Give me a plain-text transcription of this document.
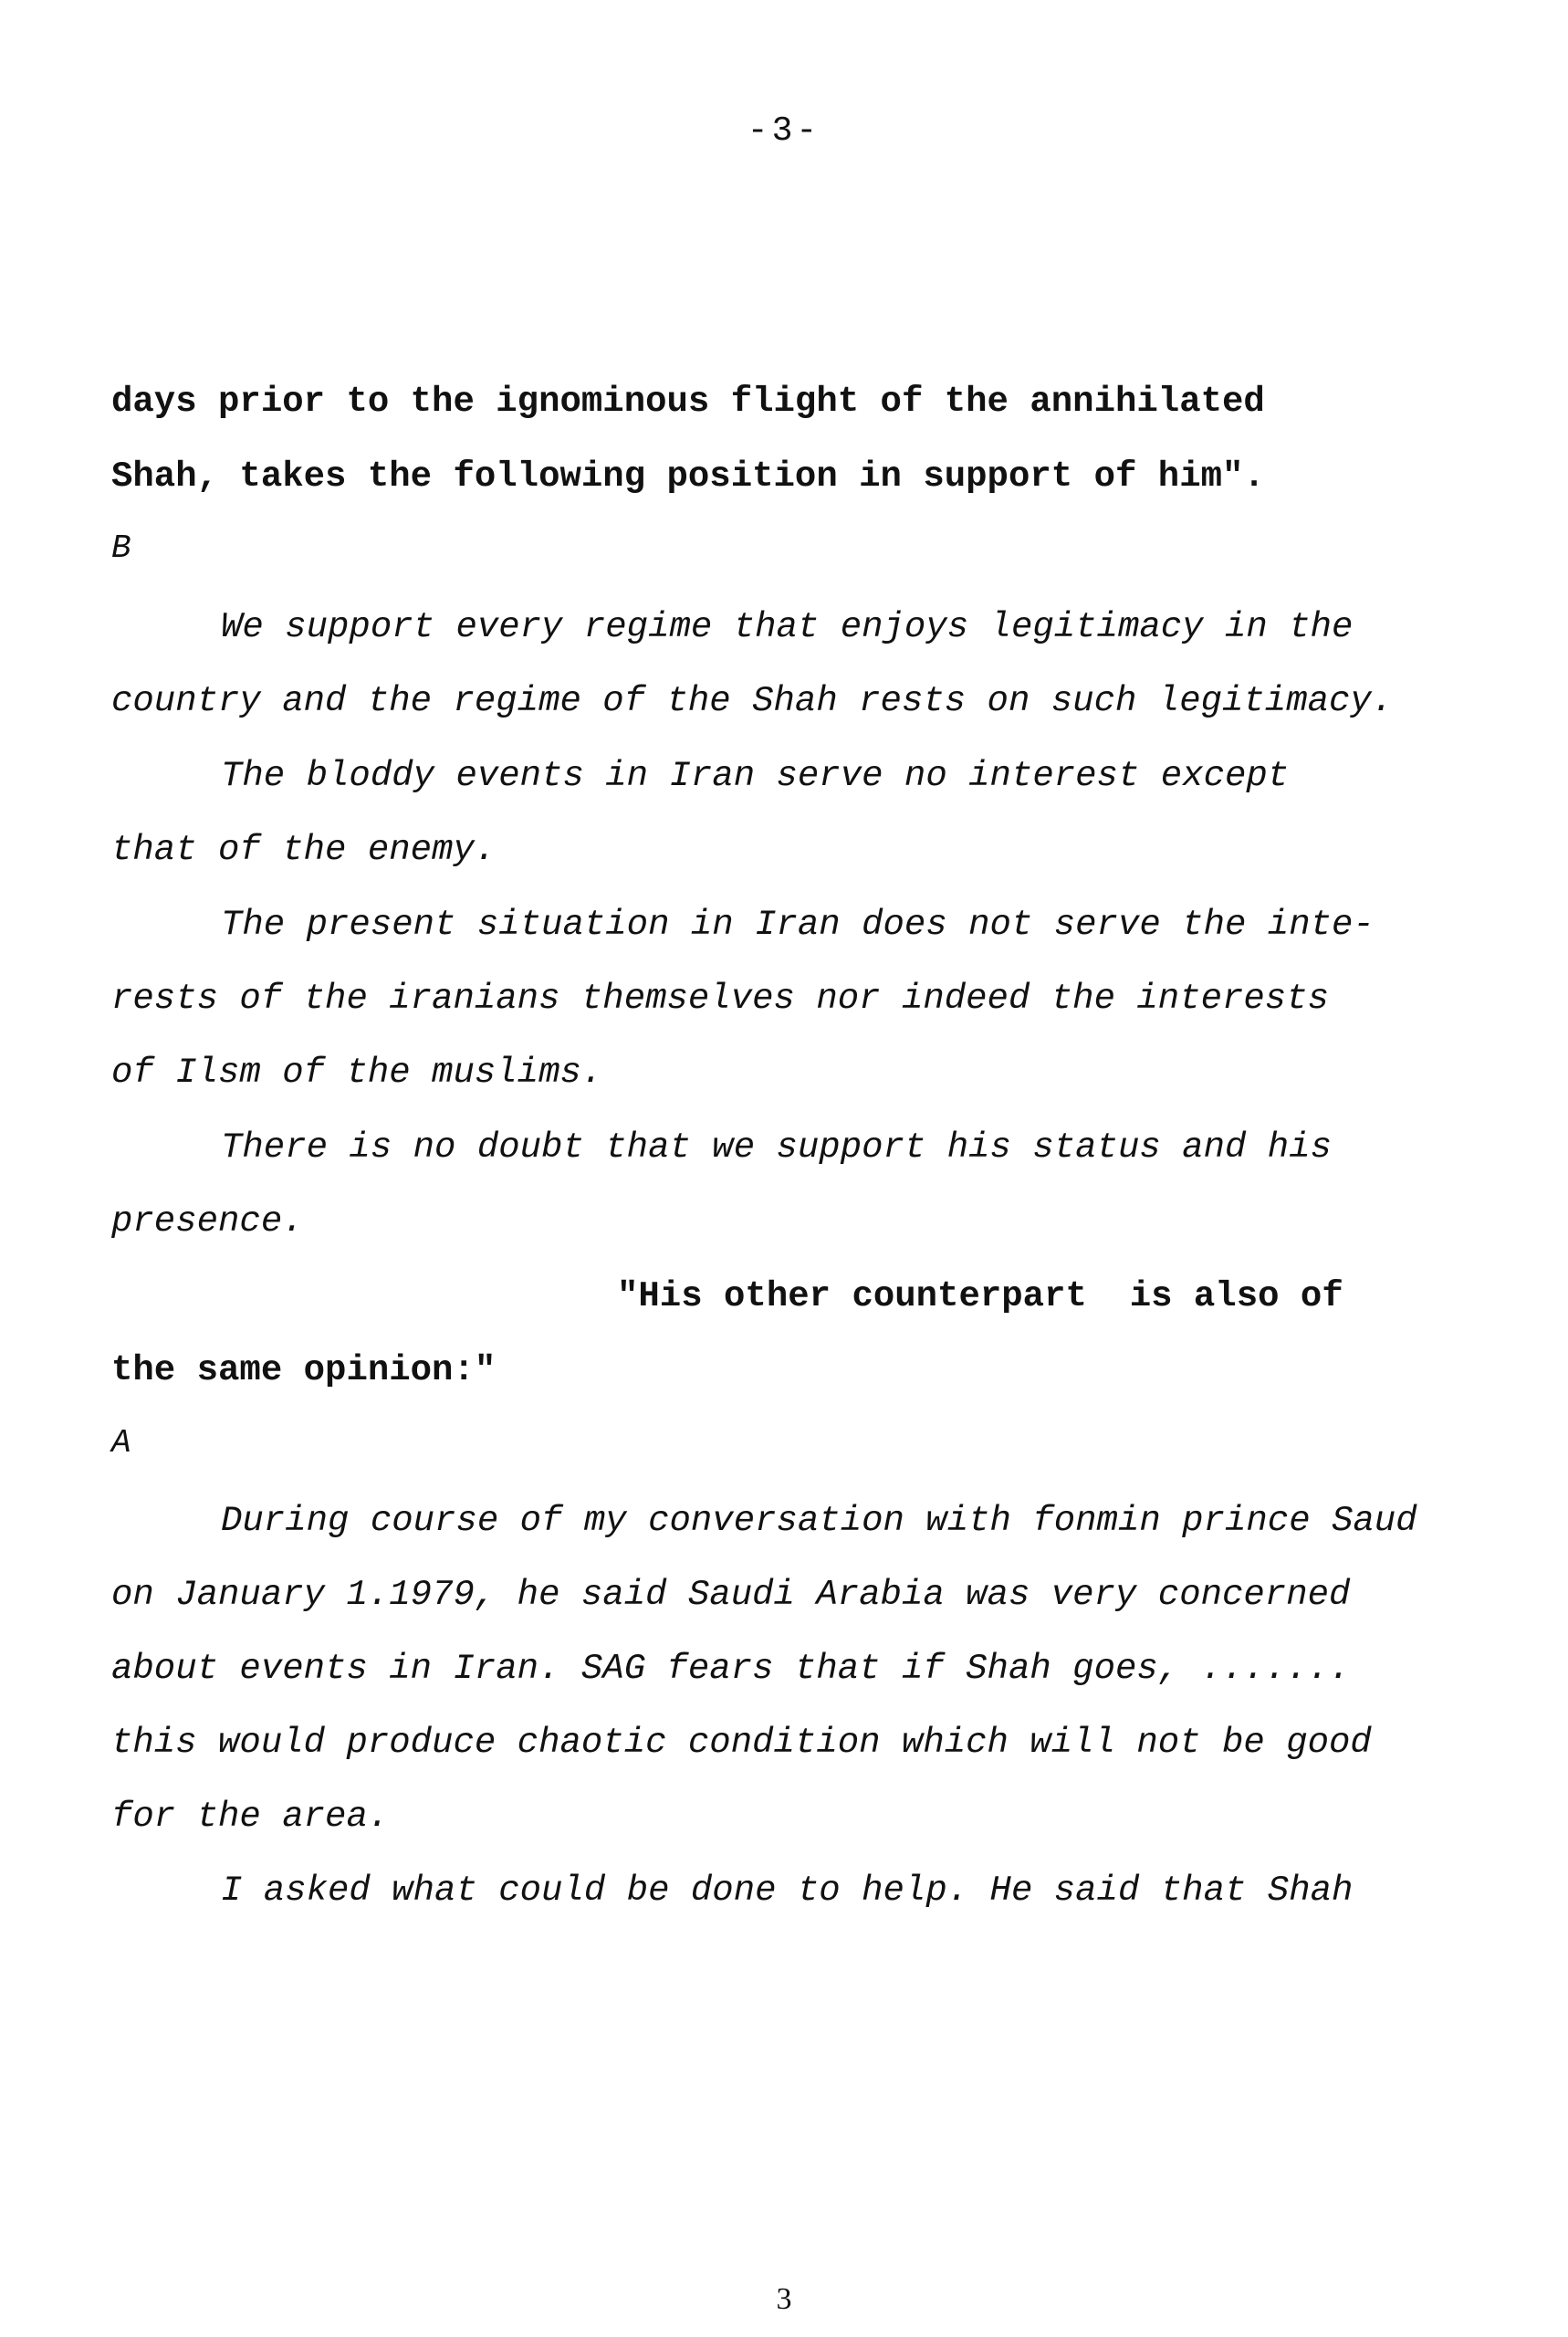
-3-
days prior to the ignominous flight of the annihilated
Shah, takes the following position in support of him".
B
We support every regime that enjoys legitimacy in the
country and the regime of the Shah rests on such legitimacy.
The bloddy events in Iran serve no interest except
that of the enemy.
The present situation in Iran does not serve the inte-
rests of the iranians themselves nor indeed the interests
of Ilsm of the muslims.
There is no doubt that we support his status and his
presence.
"His other counterpart  is also of
the same opinion:"
A
During course of my conversation with fonmin prince Saud
on January 1.1979, he said Saudi Arabia was very concerned
about events in Iran. SAG fears that if Shah goes, .......
this would produce chaotic condition which will not be good
for the area.
I asked what could be done to help. He said that Shah
3
